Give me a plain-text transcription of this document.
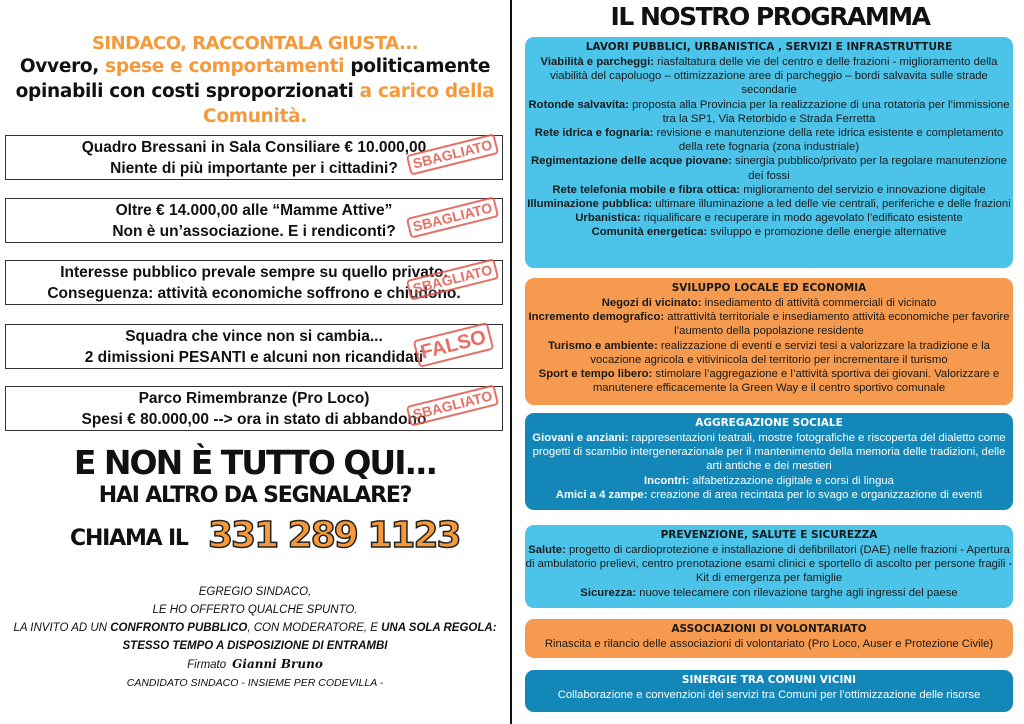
SINDACO, RACCONTALA GIUSTA...
Ovvero, spese e comportamenti politicamente opinabili con costi sproporzionati a carico della Comunità.
Quadro Bressani in Sala Consiliare € 10.000,00
Niente di più importante per i cittadini? SBAGLIATO
Oltre € 14.000,00 alle “Mamme Attive”
Non è un’associazione. E i rendiconti?	SBAGLIATO
Interesse pubblico prevale sempre su quello privato.
Conseguenza: attività economiche soffrono e chiudono.
SBAGLIATO
Squadra che vince non si cambia...
2 dimissioni PESANTI e alcuni non ricandidati
FALSO
Parco Rimembranze (Pro Loco)
Spesi € 80.000,00 --> ora in stato di abbandono
SBAGLIATO
E NON È TUTTO QUI...
HAI ALTRO DA SEGNALARE?
CHIAMA IL 331 289 1123
EGREGIO SINDACO,
LE HO OFFERTO QUALCHE SPUNTO.
LA INVITO AD UN CONFRONTO PUBBLICO, CON MODERATORE, E UNA SOLA REGOLA:
STESSO TEMPO A DISPOSIZIONE DI ENTRAMBI
Firmato Gianni Bruno
CANDIDATO SINDACO - INSIEME PER CODEVILLA -
IL NOSTRO PROGRAMMA
LAVORI PUBBLICI, URBANISTICA , SERVIZI E INFRASTRUTTURE
Viabilità e parcheggi: riasfaltatura delle vie del centro e delle frazioni - miglioramento della viabilità del capoluogo – ottimizzazione aree di parcheggio – bordi salvavita sulle strade secondarie
Rotonde salvavita: proposta alla Provincia per la realizzazione di una rotatoria per l’immissione tra la SP1, Via Retorbido e Strada Ferretta
Rete idrica e fognaria: revisione e manutenzione della rete idrica esistente e completamento della rete fognaria (zona industriale)
Regimentazione delle acque piovane: sinergia pubblico/privato per la regolare manutenzione dei fossi
Rete telefonia mobile e fibra ottica: miglioramento del servizio e innovazione digitale
Illuminazione pubblica: ultimare illuminazione a led delle vie centrali, periferiche e delle frazioni
Urbanistica: riqualificare e recuperare in modo agevolato l’edificato esistente
Comunità energetica: sviluppo e promozione delle energie alternative
SVILUPPO LOCALE ED ECONOMIA
Negozi di vicinato: insediamento di attività commerciali di vicinato
Incremento demografico: attrattività territoriale e insediamento attività economiche per favorire l’aumento della popolazione residente
Turismo e ambiente: realizzazione di eventi e servizi tesi a valorizzare la tradizione e la vocazione agricola e vitivinicola del territorio per incrementare il turismo
Sport e tempo libero: stimolare l’aggregazione e l’attività sportiva dei giovani. Valorizzare e manutenere efficacemente la Green Way e il centro sportivo comunale
AGGREGAZIONE SOCIALE
Giovani e anziani: rappresentazioni teatrali, mostre fotografiche e riscoperta del dialetto come progetti di scambio intergenerazionale per il mantenimento della memoria delle tradizioni, delle arti antiche e dei mestieri
Incontri: alfabetizzazione digitale e corsi di lingua
Amici a 4 zampe: creazione di area recintata per lo svago e organizzazione di eventi
PREVENZIONE, SALUTE E SICUREZZA
Salute: progetto di cardioprotezione e installazione di defibrillatori (DAE) nelle frazioni - Apertura di ambulatorio prelievi, centro prenotazione esami clinici e sportello di ascolto per persone fragili - Kit di emergenza per famiglie
Sicurezza: nuove telecamere con rilevazione targhe agli ingressi del paese
ASSOCIAZIONI DI VOLONTARIATO
Rinascita e rilancio delle associazioni di volontariato (Pro Loco, Auser e Protezione Civile)
SINERGIE TRA COMUNI VICINI
Collaborazione e convenzioni dei servizi tra Comuni per l’ottimizzazione delle risorse
